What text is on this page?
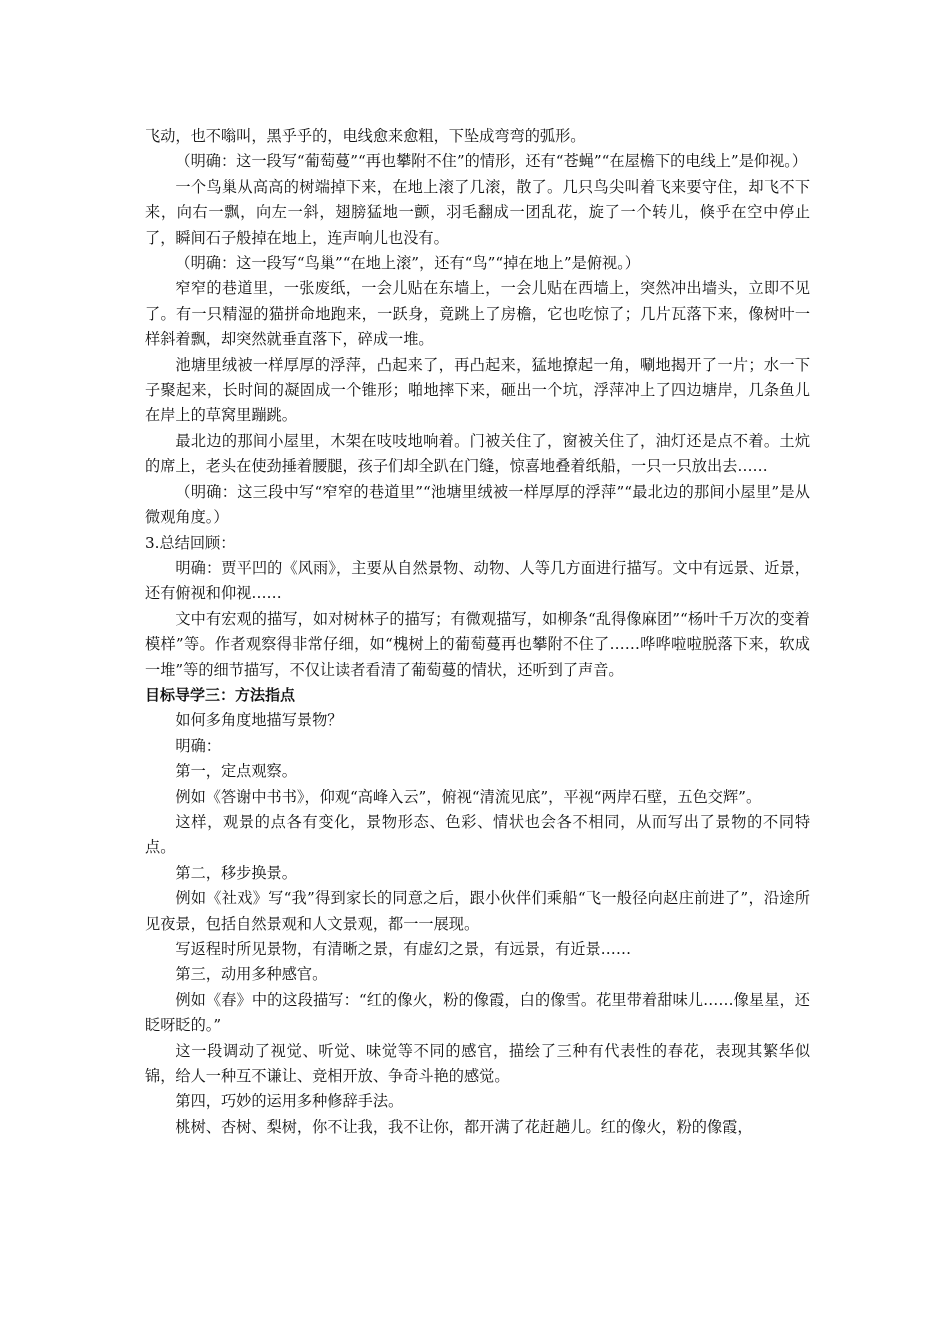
飞动，也不嗡叫，黑乎乎的，电线愈来愈粗，下坠成弯弯的弧形。

（明确：这一段写“葡萄蔓”“再也攀附不住”的情形，还有“苍蝇”“在屋檐下的电线上”是仰视。）

一个鸟巢从高高的树端掉下来，在地上滚了几滚，散了。几只鸟尖叫着飞来要守住，却飞不下来，向右一飘，向左一斜，翅膀猛地一颤，羽毛翻成一团乱花，旋了一个转儿，倏乎在空中停止了，瞬间石子般掉在地上，连声响儿也没有。

（明确：这一段写“鸟巢”“在地上滚”，还有“鸟”“掉在地上”是俯视。）

窄窄的巷道里，一张废纸，一会儿贴在东墙上，一会儿贴在西墙上，突然冲出墙头，立即不见了。有一只精湿的猫拼命地跑来，一跃身，竟跳上了房檐，它也吃惊了；几片瓦落下来，像树叶一样斜着飘，却突然就垂直落下，碎成一堆。

池塘里绒被一样厚厚的浮萍，凸起来了，再凸起来，猛地撩起一角，唰地揭开了一片；水一下子聚起来，长时间的凝固成一个锥形；啪地摔下来，砸出一个坑，浮萍冲上了四边塘岸，几条鱼儿在岸上的草窝里蹦跳。

最北边的那间小屋里，木架在吱吱地响着。门被关住了，窗被关住了，油灯还是点不着。土炕的席上，老头在使劲捶着腰腿，孩子们却全趴在门缝，惊喜地叠着纸船，一只一只放出去……

（明确：这三段中写“窄窄的巷道里”“池塘里绒被一样厚厚的浮萍”“最北边的那间小屋里”是从微观角度。）

3.总结回顾：

明确：贾平凹的《风雨》，主要从自然景物、动物、人等几方面进行描写。文中有远景、近景，还有俯视和仰视……

文中有宏观的描写，如对树林子的描写；有微观描写，如柳条“乱得像麻团”“杨叶千万次的变着模样”等。作者观察得非常仔细，如“槐树上的葡萄蔓再也攀附不住了……哗哗啦啦脱落下来，软成一堆”等的细节描写，不仅让读者看清了葡萄蔓的情状，还听到了声音。

目标导学三：方法指点

如何多角度地描写景物？

明确：

第一，定点观察。

例如《答谢中书书》，仰观“高峰入云”，俯视“清流见底”，平视“两岸石壁，五色交辉”。

这样，观景的点各有变化，景物形态、色彩、情状也会各不相同，从而写出了景物的不同特点。

第二，移步换景。

例如《社戏》写“我”得到家长的同意之后，跟小伙伴们乘船“飞一般径向赵庄前进了”，沿途所见夜景，包括自然景观和人文景观，都一一展现。

写返程时所见景物，有清晰之景，有虚幻之景，有远景，有近景……

第三，动用多种感官。

例如《春》中的这段描写：“红的像火，粉的像霞，白的像雪。花里带着甜味儿……像星星，还眨呀眨的。”

这一段调动了视觉、听觉、味觉等不同的感官，描绘了三种有代表性的春花，表现其繁华似锦，给人一种互不谦让、竞相开放、争奇斗艳的感觉。

第四，巧妙的运用多种修辞手法。

桃树、杏树、梨树，你不让我，我不让你，都开满了花赶趟儿。红的像火，粉的像霞，
